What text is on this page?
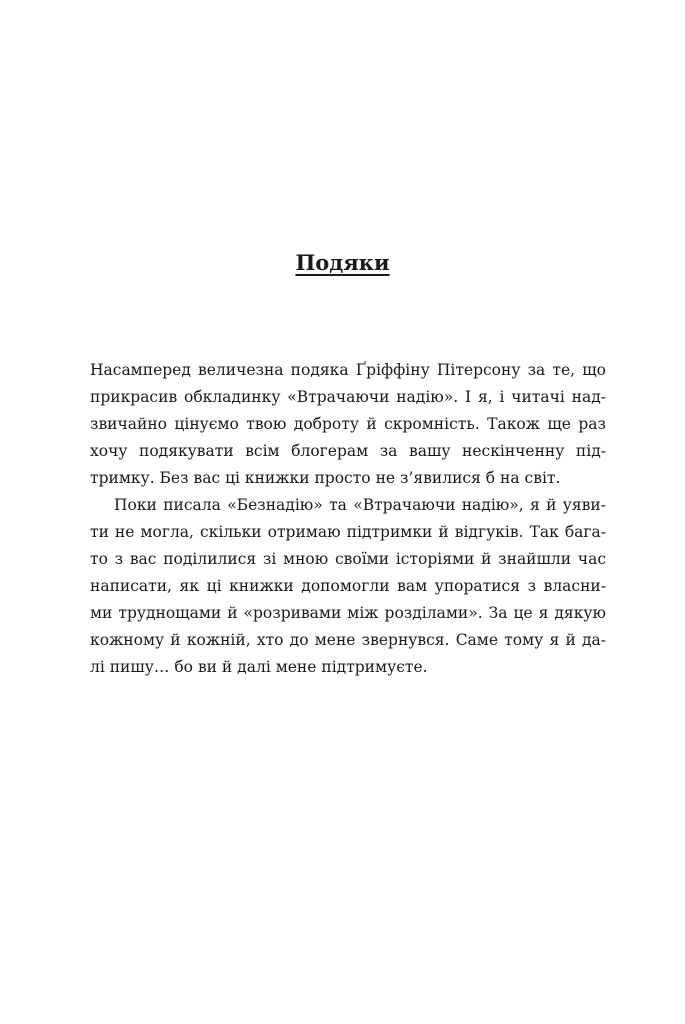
Подяки
Насамперед величезна подяка Ґріффіну Пітерсону за те, що
прикрасив обкладинку «Втрачаючи надію». І я, і читачі над-
звичайно цінуємо твою доброту й скромність. Також ще раз
хочу подякувати всім блогерам за вашу нескінченну під-
тримку. Без вас ці книжки просто не з’явилися б на світ.
Поки писала «Безнадію» та «Втрачаючи надію», я й уяви-
ти не могла, скільки отримаю підтримки й відгуків. Так бага-
то з вас поділилися зі мною своїми історіями й знайшли час
написати, як ці книжки допомогли вам упоратися з власни-
ми труднощами й «розривами між розділами». За це я дякую
кожному й кожній, хто до мене звернувся. Саме тому я й да-
лі пишу… бо ви й далі мене підтримуєте.
